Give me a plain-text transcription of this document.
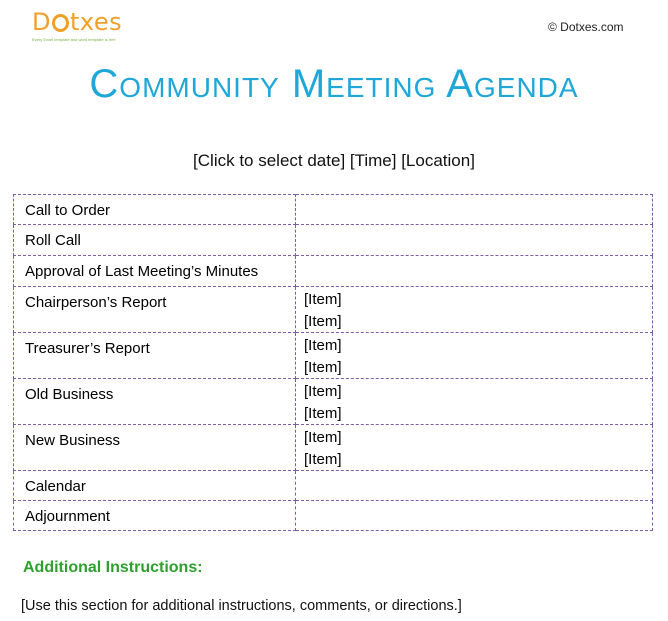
D txes
Every Excel template and word template is free
© Dotxes.com
Community Meeting Agenda
[Click to select date] [Time] [Location]
Call to Order	
Roll Call	
Approval of Last Meeting’s Minutes	
Chairperson’s Report	[Item]
[Item]

Treasurer’s Report	[Item]
[Item]

Old Business	[Item]
[Item]

New Business	[Item]
[Item]

Calendar	
Adjournment	
Additional Instructions:
[Use this section for additional instructions, comments, or directions.]
